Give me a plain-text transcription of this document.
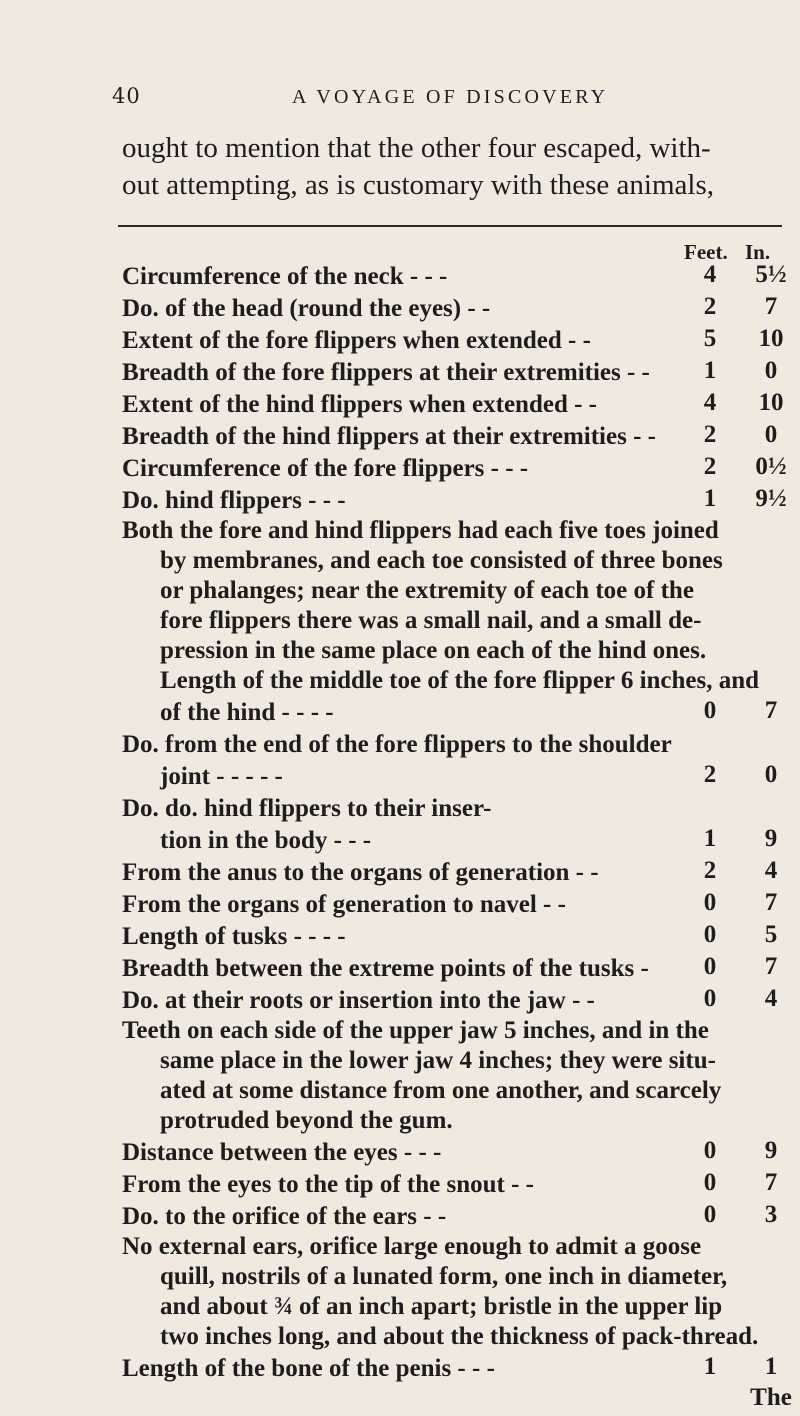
40	A VOYAGE OF DISCOVERY
ought to mention that the other four escaped, with-
out attempting, as is customary with these animals,
Feet. In.
Circumference of the neck - - -	4	5½
Do. of the head (round the eyes) - -	2	7
Extent of the fore flippers when extended - -	5	10
Breadth of the fore flippers at their extremities - -	1	0
Extent of the hind flippers when extended - -	4	10
Breadth of the hind flippers at their extremities - -	2	0
Circumference of the fore flippers - - -	2	0½
Do. hind flippers - - -	1	9½
Both the fore and hind flippers had each five toes joined
by membranes, and each toe consisted of three bones
or phalanges; near the extremity of each toe of the
fore flippers there was a small nail, and a small de-
pression in the same place on each of the hind ones.
Length of the middle toe of the fore flipper 6 inches, and
of the hind - - - -	0	7
Do. from the end of the fore flippers to the shoulder
joint - - - - -	2	0
Do. do. hind flippers to their inser-
tion in the body - - -	1	9
From the anus to the organs of generation - -	2	4
From the organs of generation to navel - -	0	7
Length of tusks - - - -	0	5
Breadth between the extreme points of the tusks -	0	7
Do. at their roots or insertion into the jaw - -	0	4
Teeth on each side of the upper jaw 5 inches, and in the
same place in the lower jaw 4 inches; they were situ-
ated at some distance from one another, and scarcely
protruded beyond the gum.
Distance between the eyes - - -	0	9
From the eyes to the tip of the snout - -	0	7
Do. to the orifice of the ears - -	0	3
No external ears, orifice large enough to admit a goose
quill, nostrils of a lunated form, one inch in diameter,
and about ¾ of an inch apart; bristle in the upper lip
two inches long, and about the thickness of pack-thread.
Length of the bone of the penis - - -	1	1
The
